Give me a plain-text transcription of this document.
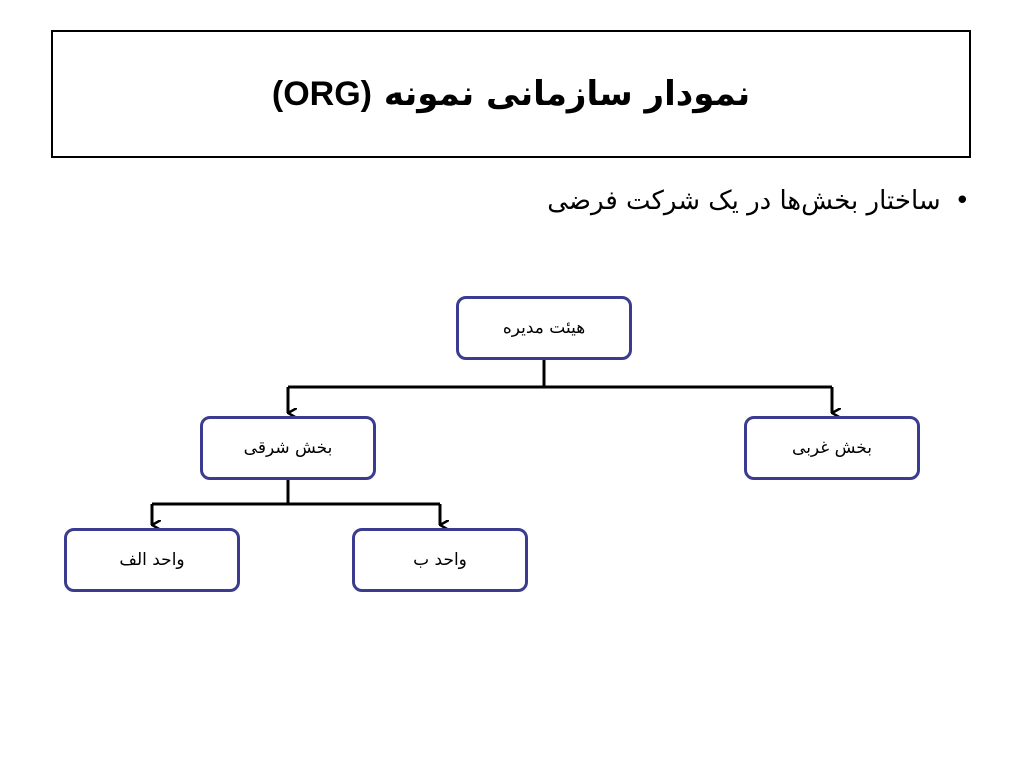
نمودار سازمانی نمونه (ORG)
•ساختار بخش‌ها در یک شرکت فرضی
هیئت مدیره
بخش شرقی	بخش غربی
واحد الف	واحد ب
